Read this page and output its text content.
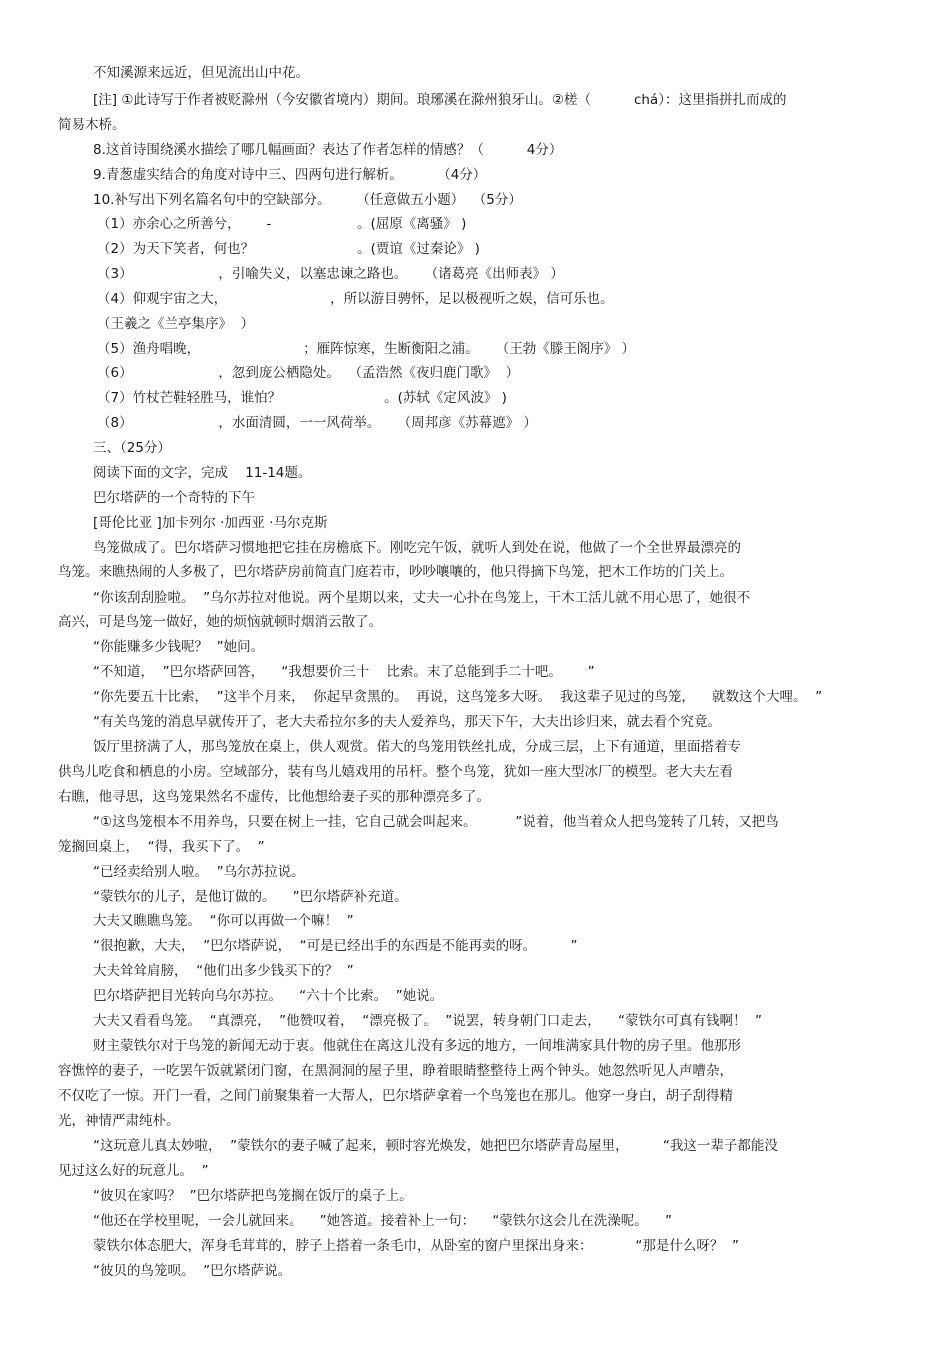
不知溪源来远近，但见流出山中花。
[注] ①此诗写于作者被贬滁州（今安徽省境内）期间。琅琊溪在滁州狼牙山。②槎（          chá）：这里指拼扎而成的
简易木桥。
8.这首诗围绕溪水描绘了哪几幅画面？表达了作者怎样的情感？（          4分）
9.青葱虚实结合的角度对诗中三、四两句进行解析。        （4分）
10.补写出下列名篇名句中的空缺部分。      （任意做五小题）  （5分）
（1）亦余心之所善兮，      -                    。(屈原《离骚》 )
（2）为天下笑者，何也？                        。(贾谊《过秦论》 )
（3）                    ，引喻失义，以塞忠谏之路也。    （诸葛亮《出师表》 ）
（4）仰观宇宙之大，                        ，所以游目骋怀，足以极视听之娱，信可乐也。
（王羲之《兰亭集序》  ）
（5）渔舟唱晚，                        ；雁阵惊寒，生断衡阳之浦。    （王勃《滕王阁序》 ）
（6）                    ，忽到庞公栖隐处。  （孟浩然《夜归鹿门歌》  ）
（7）竹杖芒鞋轻胜马，谁怕？                        。(苏轼《定风波》 )
（8）                    ，水面清圆，一一风荷举。    （周邦彦《苏幕遮》 ）
三、（25分）
阅读下面的文字，完成    11-14题。
巴尔塔萨的一个奇特的下午
[哥伦比亚 ]加卡列尔 ·加西亚 ·马尔克斯
鸟笼做成了。巴尔塔萨习惯地把它挂在房檐底下。刚吃完午饭，就听人到处在说，他做了一个全世界最漂亮的
鸟笼。来瞧热闹的人多极了，巴尔塔萨房前简直门庭若市，吵吵嚷嚷的，他只得摘下鸟笼，把木工作坊的门关上。
“你该刮刮脸啦。  ”乌尔苏拉对他说。两个星期以来，丈夫一心扑在鸟笼上，干木工活儿就不用心思了，她很不
高兴，可是鸟笼一做好，她的烦恼就顿时烟消云散了。
“你能赚多少钱呢？  ”她问。
“不知道，  ”巴尔塔萨回答，    “我想要价三十    比索。末了总能到手二十吧。      ”
“你先要五十比索，  ”这半个月来，  你起早贪黑的。  再说，这鸟笼多大呀。  我这辈子见过的鸟笼，    就数这个大哩。  ”
“有关鸟笼的消息早就传开了，老大夫希拉尔多的夫人爱养鸟，那天下午，大夫出诊归来，就去看个究竟。
饭厅里挤满了人，那鸟笼放在桌上，供人观赏。偌大的鸟笼用铁丝扎成，分成三层，上下有通道，里面搭着专
供鸟儿吃食和栖息的小房。空域部分，装有鸟儿嬉戏用的吊杆。整个鸟笼，犹如一座大型冰厂的模型。老大夫左看
右瞧，他寻思，这鸟笼果然名不虚传，比他想给妻子买的那种漂亮多了。
“①这鸟笼根本不用养鸟，只要在树上一挂，它自己就会叫起来。         ”说着，他当着众人把鸟笼转了几转，又把鸟
笼搁回桌上，  “得，我买下了。  ”
“已经卖给别人啦。  ”乌尔苏拉说。
“蒙铁尔的儿子，是他订做的。    ”巴尔塔萨补充道。
大夫又瞧瞧鸟笼。  “你可以再做一个嘛！  ”
“很抱歉，大夫，  ”巴尔塔萨说，  “可是已经出手的东西是不能再卖的呀。        ”
大夫耸耸肩膀，  “他们出多少钱买下的？  ”
巴尔塔萨把目光转向乌尔苏拉。    “六十个比索。  ”她说。
大夫又看看鸟笼。  “真漂亮，  ”他赞叹着，  “漂亮极了。  ”说罢，转身朝门口走去，    “蒙铁尔可真有钱啊！  ”
财主蒙铁尔对于鸟笼的新闻无动于衷。他就住在离这儿没有多远的地方，一间堆满家具什物的房子里。他那形
容憔悴的妻子，一吃罢午饭就紧闭门窗，在黑洞洞的屋子里，睁着眼睛整整待上两个钟头。她忽然听见人声嘈杂，
不仅吃了一惊。开门一看，之间门前聚集着一大帮人，巴尔塔萨拿着一个鸟笼也在那儿。他穿一身白，胡子刮得精
光，神情严肃纯朴。
“这玩意儿真太妙啦，  ”蒙铁尔的妻子喊了起来，顿时容光焕发，她把巴尔塔萨青岛屋里，        “我这一辈子都能没
见过这么好的玩意儿。  ”
“彼贝在家吗？  ”巴尔塔萨把鸟笼搁在饭厅的桌子上。
“他还在学校里呢，一会儿就回来。    ”她答道。接着补上一句：    “蒙铁尔这会儿在洗澡呢。    ”
蒙铁尔体态肥大，浑身毛茸茸的，脖子上搭着一条毛巾，从卧室的窗户里探出身来：          “那是什么呀？  ”
“彼贝的鸟笼呗。  ”巴尔塔萨说。
